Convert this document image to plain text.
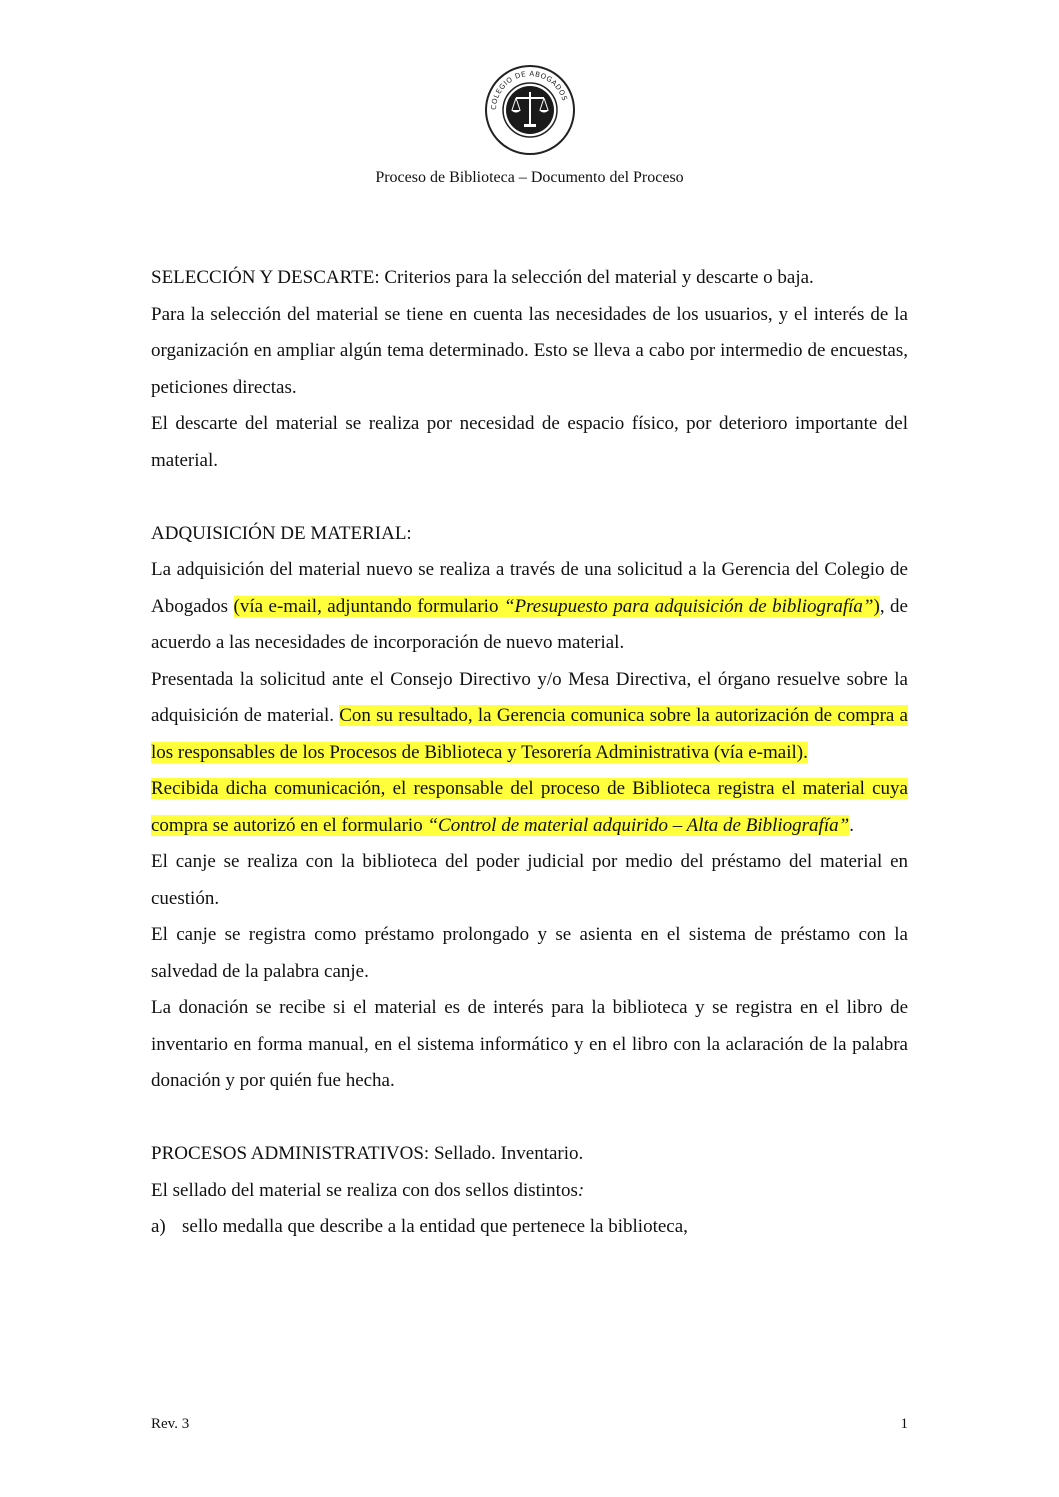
COLEGIO DE ABOGADOS
Proceso de Biblioteca – Documento del Proceso

SELECCIÓN Y DESCARTE: Criterios para la selección del material y descarte o baja.

Para la selección del material se tiene en cuenta las necesidades de los usuarios, y el interés de la organización en ampliar algún tema determinado. Esto se lleva a cabo por intermedio de encuestas, peticiones directas.

El descarte del material se realiza por necesidad de espacio físico, por deterioro importante del material.

ADQUISICIÓN DE MATERIAL:

La adquisición del material nuevo se realiza a través de una solicitud a la Gerencia del Colegio de Abogados (vía e-mail, adjuntando formulario “Presupuesto para adquisición de bibliografía”), de acuerdo a las necesidades de incorporación de nuevo material.

Presentada la solicitud ante el Consejo Directivo y/o Mesa Directiva, el órgano resuelve sobre la adquisición de material. Con su resultado, la Gerencia comunica sobre la autorización de compra a los responsables de los Procesos de Biblioteca y Tesorería Administrativa (vía e-mail).

Recibida dicha comunicación, el responsable del proceso de Biblioteca registra el material cuya compra se autorizó en el formulario “Control de material adquirido – Alta de Bibliografía”.

El canje se realiza con la biblioteca del poder judicial por medio del préstamo del material en cuestión.

El canje se registra como préstamo prolongado y se asienta en el sistema de préstamo con la salvedad de la palabra canje.

La donación se recibe si el material es de interés para la biblioteca y se registra en el libro de inventario en forma manual, en el sistema informático y en el libro con la aclaración de la palabra donación y por quién fue hecha.

PROCESOS ADMINISTRATIVOS: Sellado. Inventario.

El sellado del material se realiza con dos sellos distintos:

a) sello medalla que describe a la entidad que pertenece la biblioteca,
Rev. 3	1
